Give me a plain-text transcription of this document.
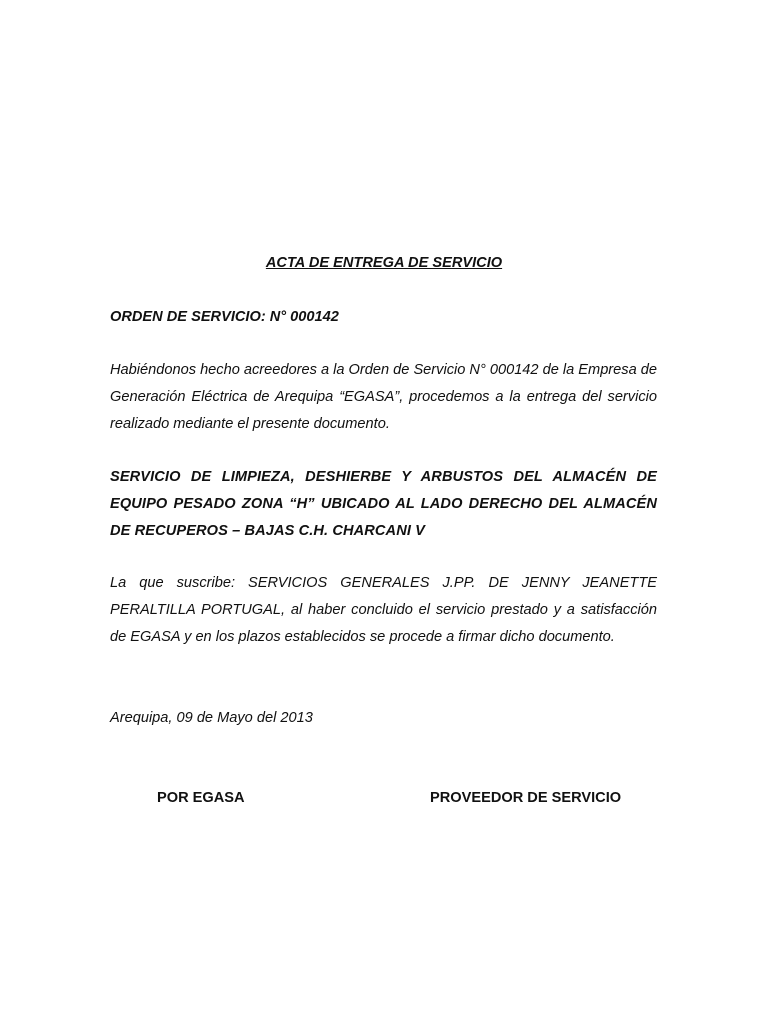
ACTA DE ENTREGA DE SERVICIO
ORDEN DE SERVICIO: N° 000142

Habiéndonos hecho acreedores a la Orden de Servicio N° 000142 de la Empresa de Generación Eléctrica de Arequipa “EGASA”, procedemos a la entrega del servicio realizado mediante el presente documento.

SERVICIO DE LIMPIEZA, DESHIERBE Y ARBUSTOS DEL ALMACÉN DE EQUIPO PESADO ZONA “H” UBICADO AL LADO DERECHO DEL ALMACÉN DE RECUPEROS – BAJAS C.H. CHARCANI V

La que suscribe: SERVICIOS GENERALES J.PP. DE JENNY JEANETTE PERALTILLA PORTUGAL, al haber concluido el servicio prestado y a satisfacción de EGASA y en los plazos establecidos se procede a firmar dicho documento.

Arequipa, 09 de Mayo del 2013
POR EGASA	PROVEEDOR DE SERVICIO
